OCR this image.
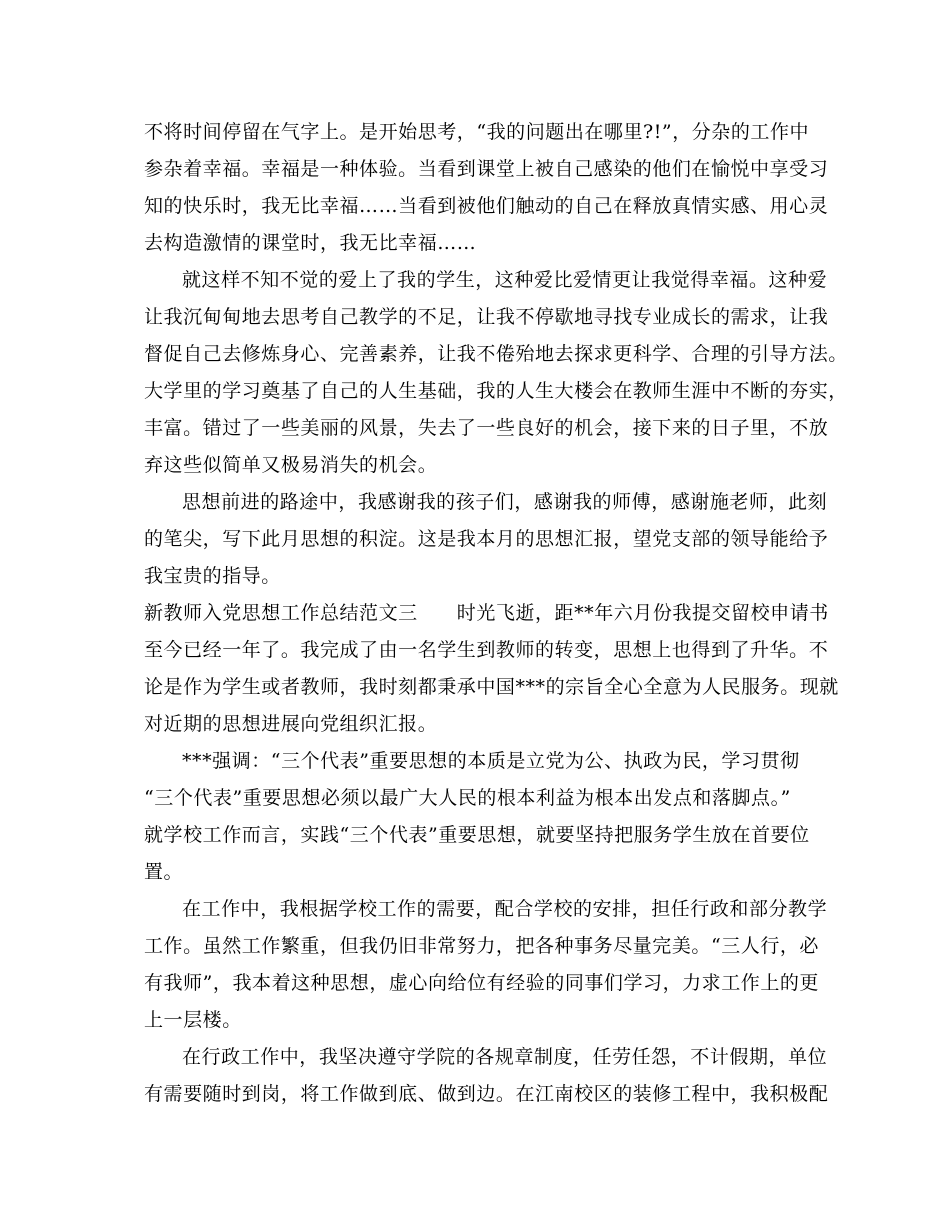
不将时间停留在气字上。是开始思考，“我的问题出在哪里?!”，分杂的工作中
参杂着幸福。幸福是一种体验。当看到课堂上被自己感染的他们在愉悦中享受习
知的快乐时，我无比幸福……当看到被他们触动的自己在释放真情实感、用心灵
去构造激情的课堂时，我无比幸福……
就这样不知不觉的爱上了我的学生，这种爱比爱情更让我觉得幸福。这种爱
让我沉甸甸地去思考自己教学的不足，让我不停歇地寻找专业成长的需求，让我
督促自己去修炼身心、完善素养，让我不倦殆地去探求更科学、合理的引导方法。
大学里的学习奠基了自己的人生基础，我的人生大楼会在教师生涯中不断的夯实，
丰富。错过了一些美丽的风景，失去了一些良好的机会，接下来的日子里，不放
弃这些似简单又极易消失的机会。
思想前进的路途中，我感谢我的孩子们，感谢我的师傅，感谢施老师，此刻
的笔尖，写下此月思想的积淀。这是我本月的思想汇报，望党支部的领导能给予
我宝贵的指导。
新教师入党思想工作总结范文三　　时光飞逝，距**年六月份我提交留校申请书
至今已经一年了。我完成了由一名学生到教师的转变，思想上也得到了升华。不
论是作为学生或者教师，我时刻都秉承中国***的宗旨全心全意为人民服务。现就
对近期的思想进展向党组织汇报。
***强调：“三个代表”重要思想的本质是立党为公、执政为民，学习贯彻
“三个代表”重要思想必须以最广大人民的根本利益为根本出发点和落脚点。”
就学校工作而言，实践“三个代表”重要思想，就要坚持把服务学生放在首要位
置。
在工作中，我根据学校工作的需要，配合学校的安排，担任行政和部分教学
工作。虽然工作繁重，但我仍旧非常努力，把各种事务尽量完美。“三人行，必
有我师”，我本着这种思想，虚心向给位有经验的同事们学习，力求工作上的更
上一层楼。
在行政工作中，我坚决遵守学院的各规章制度，任劳任怨，不计假期，单位
有需要随时到岗，将工作做到底、做到边。在江南校区的装修工程中，我积极配
